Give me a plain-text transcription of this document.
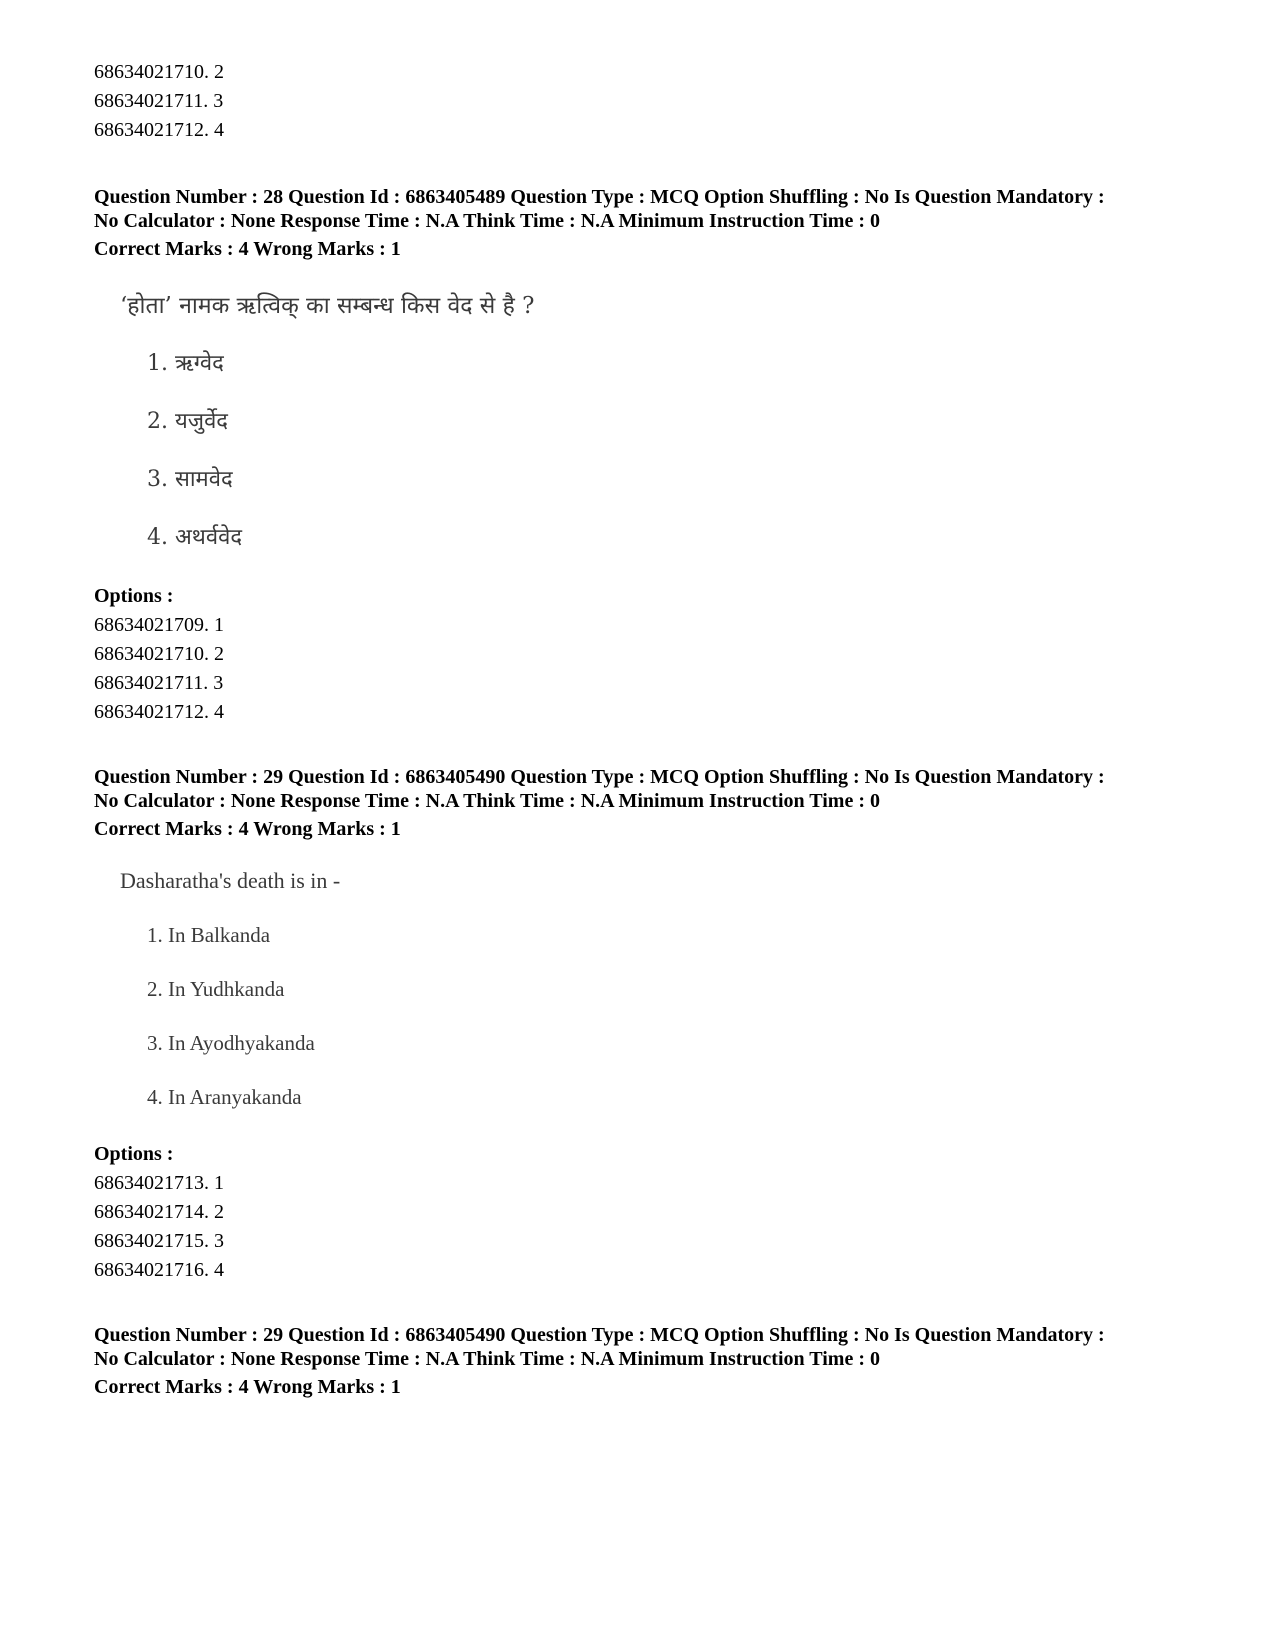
68634021710. 2
68634021711. 3
68634021712. 4
Question Number : 28 Question Id : 6863405489 Question Type : MCQ Option Shuffling : No Is Question Mandatory :
No Calculator : None Response Time : N.A Think Time : N.A Minimum Instruction Time : 0
Correct Marks : 4 Wrong Marks : 1
‘होता’ नामक ऋत्विक् का सम्बन्ध किस वेद से है ?
1. ऋग्वेद
2. यजुर्वेद
3. सामवेद
4. अथर्ववेद
Options :
68634021709. 1
68634021710. 2
68634021711. 3
68634021712. 4
Question Number : 29 Question Id : 6863405490 Question Type : MCQ Option Shuffling : No Is Question Mandatory :
No Calculator : None Response Time : N.A Think Time : N.A Minimum Instruction Time : 0
Correct Marks : 4 Wrong Marks : 1
Dasharatha's death is in -
1. In Balkanda
2. In Yudhkanda
3. In Ayodhyakanda
4. In Aranyakanda
Options :
68634021713. 1
68634021714. 2
68634021715. 3
68634021716. 4
Question Number : 29 Question Id : 6863405490 Question Type : MCQ Option Shuffling : No Is Question Mandatory :
No Calculator : None Response Time : N.A Think Time : N.A Minimum Instruction Time : 0
Correct Marks : 4 Wrong Marks : 1
